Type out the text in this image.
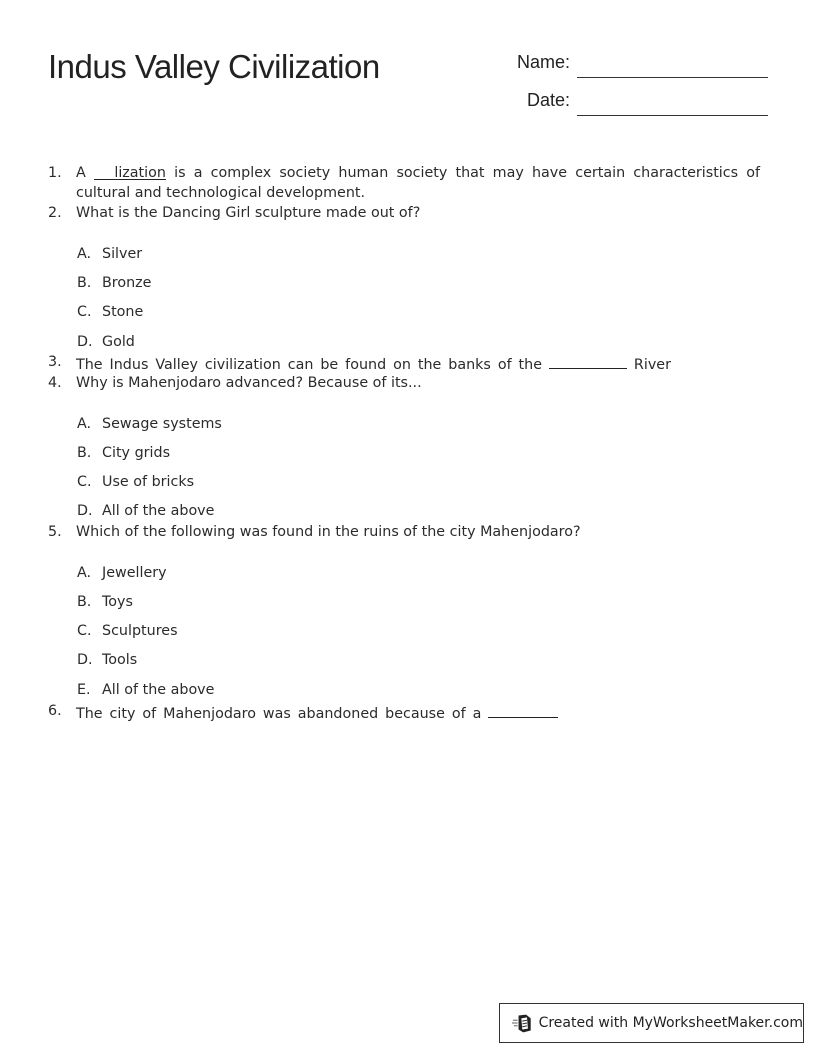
Indus Valley Civilization	Name:
Date:
1.	A lization is a complex society human society that may have certain characteristics of cultural and technological development.
2.	What is the Dancing Girl sculpture made out of?
A. Silver
B. Bronze
C. Stone
D. Gold
3.	The Indus Valley civilization can be found on the banks of the	River
4.	Why is Mahenjodaro advanced? Because of its...
A. Sewage systems
B. City grids
C. Use of bricks
D. All of the above
5.	Which of the following was found in the ruins of the city Mahenjodaro?
A. Jewellery
B. Toys
C. Sculptures
D. Tools
E. All of the above
6.	The city of Mahenjodaro was abandoned because of a
Created with MyWorksheetMaker.com
